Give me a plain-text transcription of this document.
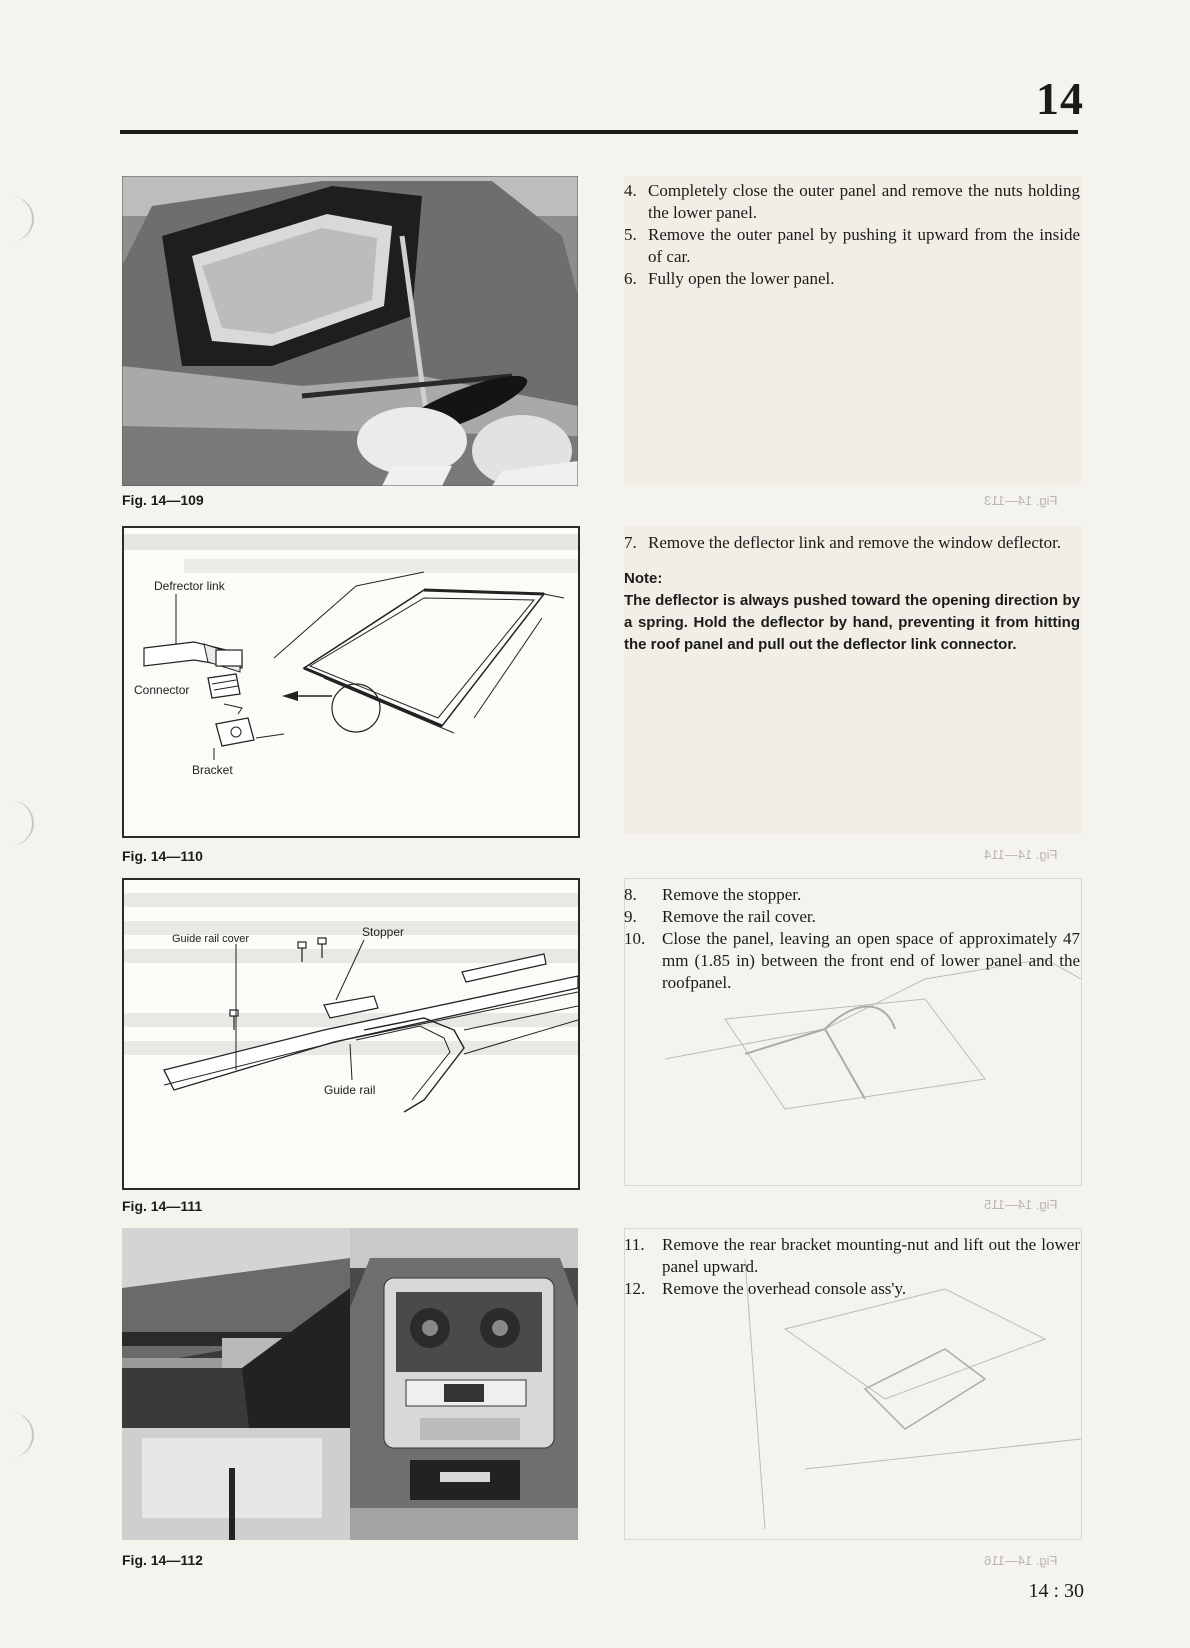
14
Fig. 14—109

Defrector link
Connector
Bracket
Fig. 14—110
Stopper
Guide rail cover
Guide rail
Fig. 14—111
Fig. 14—112
Fig. 14—113
Fig. 14—114
Fig. 14—115
Fig. 14—116
4. Completely close the outer panel and remove the nuts holding the lower panel.
5. Remove the outer panel by pushing it upward from the inside of car.
6. Fully open the lower panel.
7. Remove the deflector link and remove the window deflector.
Note:
The deflector is always pushed toward the opening direction by a spring. Hold the deflector by hand, preventing it from hitting the roof panel and pull out the deflector link connector.
8.	Remove the stopper.
9.	Remove the rail cover.
10. Close the panel, leaving an open space of approximately 47 mm (1.85 in) between the front end of lower panel and the roofpanel.
11.	Remove the rear bracket mounting-nut and lift out the lower panel upward.
12. Remove the overhead console ass'y.
14 : 30
